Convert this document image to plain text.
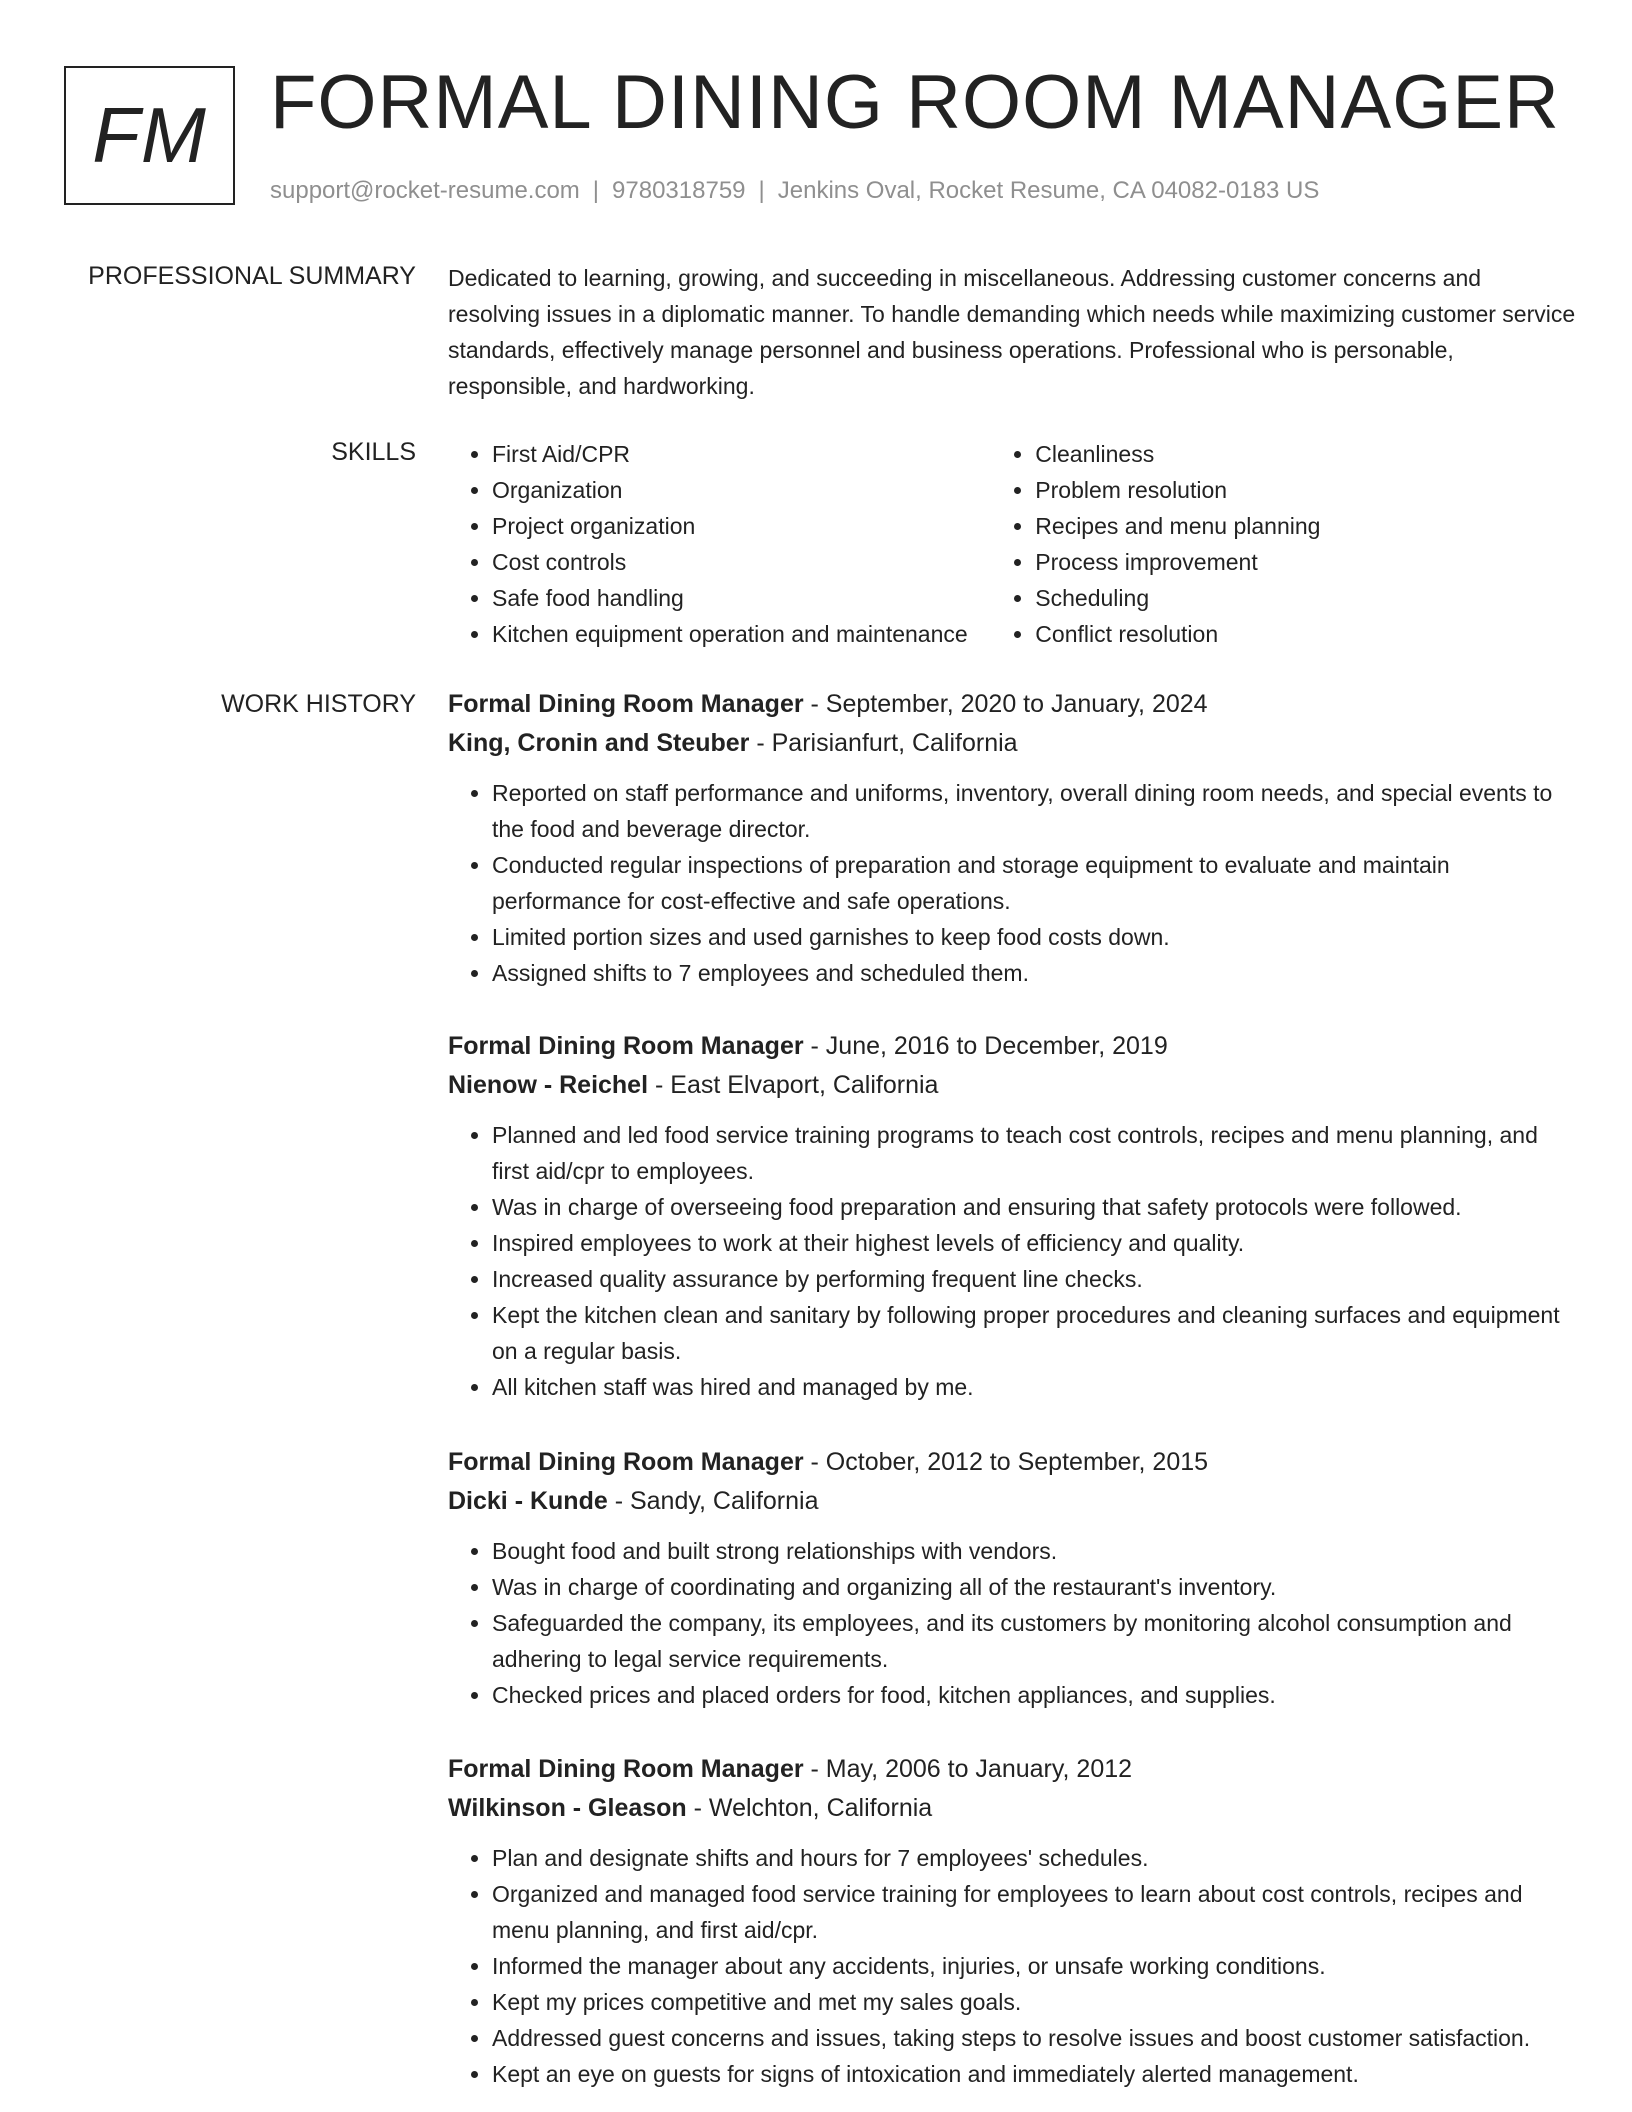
FM FORMAL DINING ROOM MANAGER
support@rocket-resume.com | 9780318759 | Jenkins Oval, Rocket Resume, CA 04082-0183 US
PROFESSIONAL SUMMARY Dedicated to learning, growing, and succeeding in miscellaneous. Addressing customer concerns and resolving issues in a diplomatic manner. To handle demanding which needs while maximizing customer service standards, effectively manage personnel and business operations. Professional who is personable, responsible, and hardworking.
SKILLS
•	First Aid/CPR
• Organization
• Project organization
• Cost controls
• Safe food handling
• Kitchen equipment operation and maintenance
• Cleanliness
• Problem resolution
• Recipes and menu planning
• Process improvement
• Scheduling
• Conflict resolution
WORK HISTORY Formal Dining Room Manager - September, 2020 to January, 2024
King, Cronin and Steuber - Parisianfurt, California
• Reported on staff performance and uniforms, inventory, overall dining room needs, and special events to the food and beverage director.
• Conducted regular inspections of preparation and storage equipment to evaluate and maintain performance for cost-effective and safe operations.
• Limited portion sizes and used garnishes to keep food costs down.
• Assigned shifts to 7 employees and scheduled them.
Formal Dining Room Manager - June, 2016 to December, 2019
Nienow - Reichel - East Elvaport, California
• Planned and led food service training programs to teach cost controls, recipes and menu planning, and first aid/cpr to employees.
• Was in charge of overseeing food preparation and ensuring that safety protocols were followed.
• Inspired employees to work at their highest levels of efficiency and quality.
• Increased quality assurance by performing frequent line checks.
• Kept the kitchen clean and sanitary by following proper procedures and cleaning surfaces and equipment on a regular basis.
• All kitchen staff was hired and managed by me.
Formal Dining Room Manager - October, 2012 to September, 2015
Dicki - Kunde - Sandy, California
• Bought food and built strong relationships with vendors.
• Was in charge of coordinating and organizing all of the restaurant's inventory.
• Safeguarded the company, its employees, and its customers by monitoring alcohol consumption and adhering to legal service requirements.
• Checked prices and placed orders for food, kitchen appliances, and supplies.
Formal Dining Room Manager - May, 2006 to January, 2012
Wilkinson - Gleason - Welchton, California
• Plan and designate shifts and hours for 7 employees' schedules.
• Organized and managed food service training for employees to learn about cost controls, recipes and menu planning, and first aid/cpr.
• Informed the manager about any accidents, injuries, or unsafe working conditions.
• Kept my prices competitive and met my sales goals.
• Addressed guest concerns and issues, taking steps to resolve issues and boost customer satisfaction.
• Kept an eye on guests for signs of intoxication and immediately alerted management.
